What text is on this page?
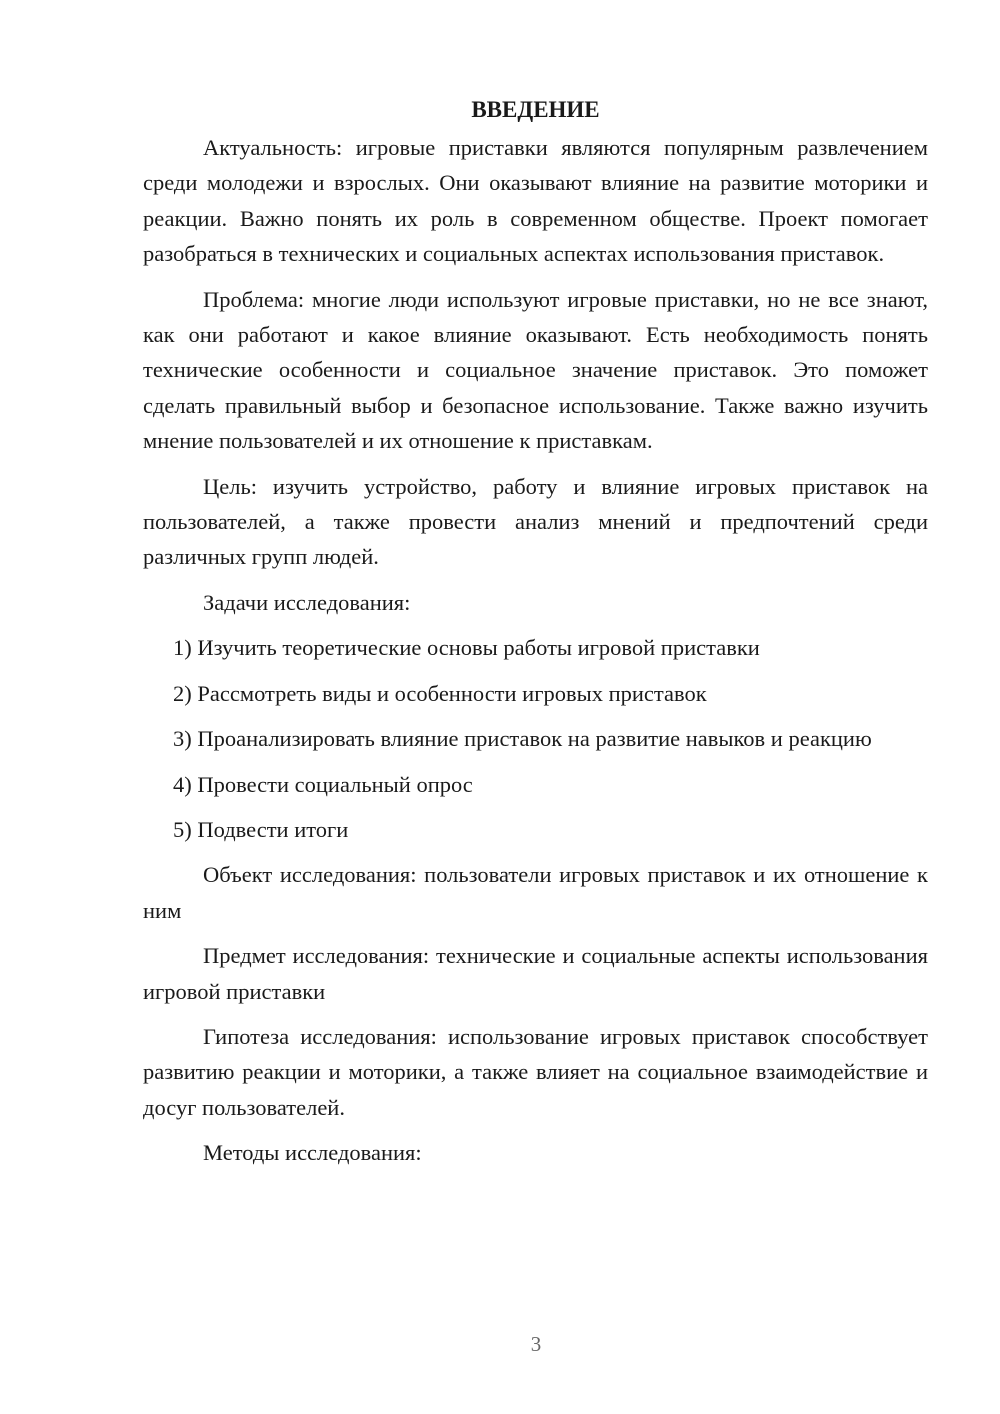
ВВЕДЕНИЕ

Актуальность: игровые приставки являются популярным развлечением среди молодежи и взрослых. Они оказывают влияние на развитие моторики и реакции. Важно понять их роль в современном обществе. Проект помогает разобраться в технических и социальных аспектах использования приставок.

Проблема: многие люди используют игровые приставки, но не все знают, как они работают и какое влияние оказывают. Есть необходимость понять технические особенности и социальное значение приставок. Это поможет сделать правильный выбор и безопасное использование. Также важно изучить мнение пользователей и их отношение к приставкам.

Цель: изучить устройство, работу и влияние игровых приставок на пользователей, а также провести анализ мнений и предпочтений среди различных групп людей.

Задачи исследования:

1) Изучить теоретические основы работы игровой приставки

2) Рассмотреть виды и особенности игровых приставок

3) Проанализировать влияние приставок на развитие навыков и реакцию

4) Провести социальный опрос

5) Подвести итоги

Объект исследования: пользователи игровых приставок и их отношение к ним

Предмет исследования: технические и социальные аспекты использования игровой приставки

Гипотеза исследования: использование игровых приставок способствует развитию реакции и моторики, а также влияет на социальное взаимодействие и досуг пользователей.

Методы исследования:

3
